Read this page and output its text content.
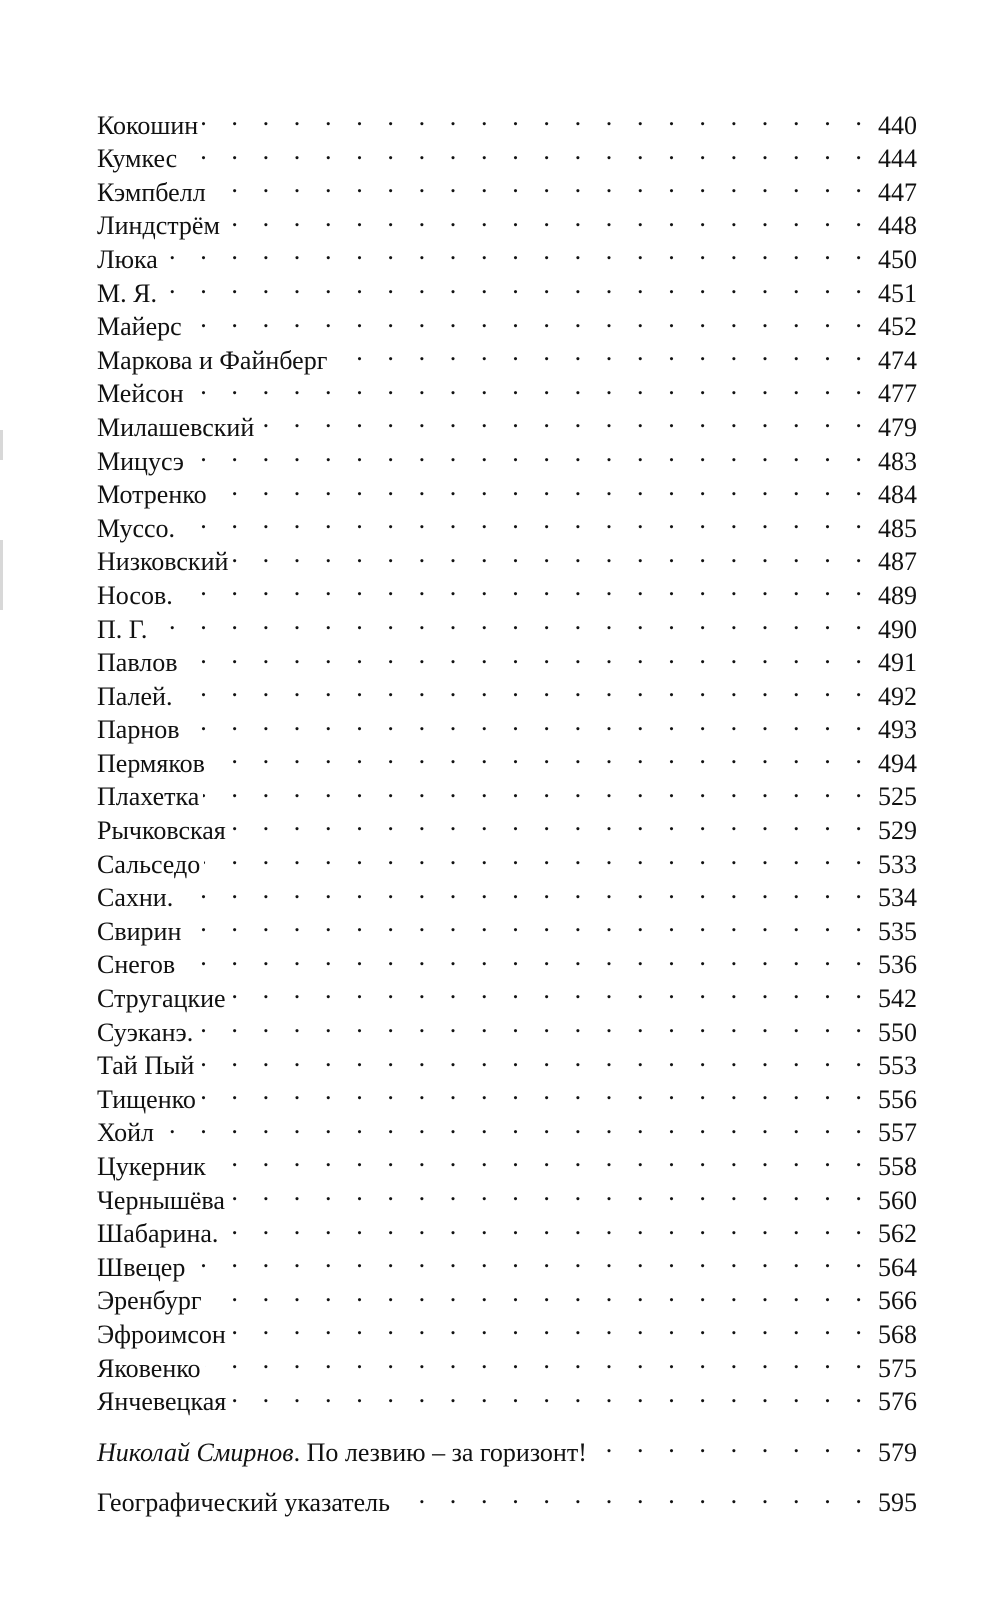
Кокошин . . .	440
Кумкес . . .	444
Кэмпбелл . . .	447
Линдстрём . . .	448
Люка . . .	450
М. Я. . . .	451
Майерс . . .	452
Маркова и Файнберг . . .	474
Мейсон . . .	477
Милашевский . . .	479
Мицусэ . . .	483
Мотренко . . .	484
Муссо. . . .	485
Низковский . . .	487
Носов. . . .	489
П. Г. . . .	490
Павлов . . .	491
Палей. . . .	492
Парнов . . .	493
Пермяков . . .	494
Плахетка . . .	525
Рычковская . . .	529
Сальседо . . .	533
Сахни. . . .	534
Свирин . . .	535
Снегов . . .	536
Стругацкие . . .	542
Суэканэ. . . .	550
Тай Пый . . .	553
Тищенко . . .	556
Хойл . . .	557
Цукерник . . .	558
Чернышёва . . .	560
Шабарина. . . .	562
Швецер . . .	564
Эренбург . . .	566
Эфроимсон . . .	568
Яковенко . . .	575
Янчевецкая . . .	576
Николай Смирнов. По лезвию – за горизонт! . . .	579
Географический указатель . . .	595
